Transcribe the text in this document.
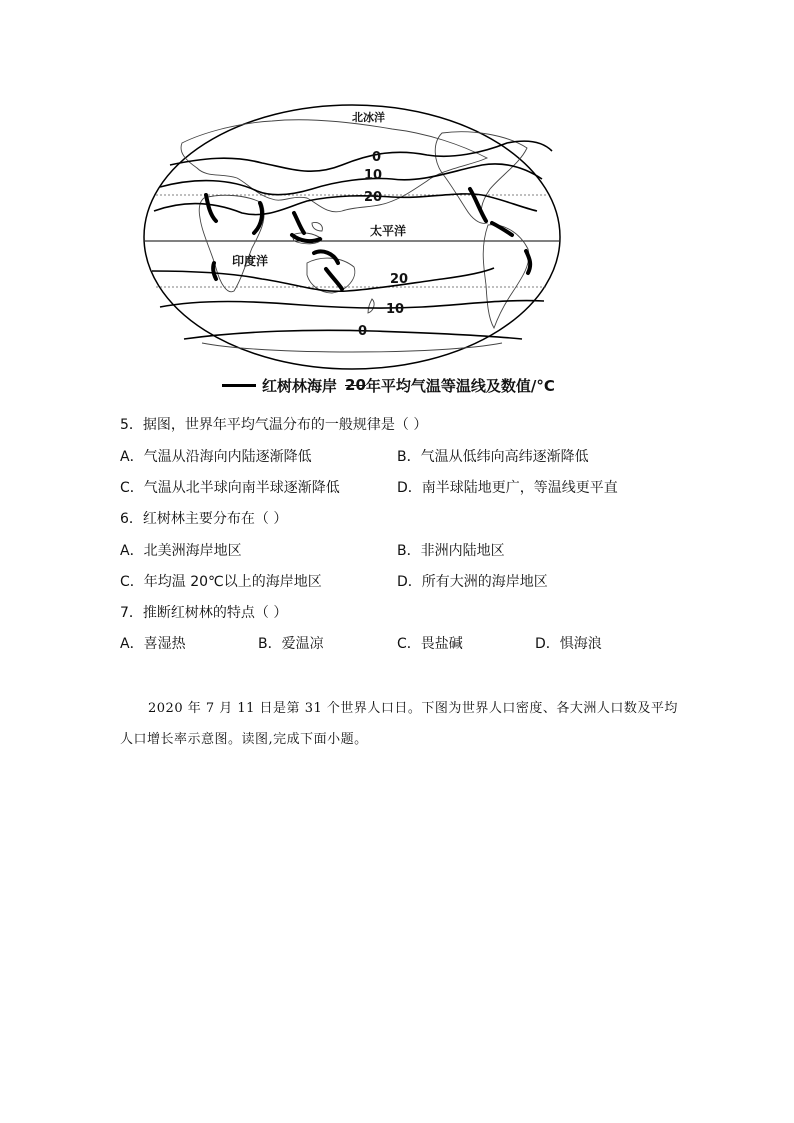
北冰洋
太平洋
印度洋
0
10
20
20
10
0
红树林海岸 20 年平均气温等温线及数值/°C
5．据图，世界年平均气温分布的一般规律是（ ）
A．气温从沿海向内陆逐渐降低	B．气温从低纬向高纬逐渐降低
C．气温从北半球向南半球逐渐降低	D．南半球陆地更广，等温线更平直
6．红树林主要分布在（ ）
A．北美洲海岸地区	B．非洲内陆地区
C．年均温 20℃以上的海岸地区	D．所有大洲的海岸地区
7．推断红树林的特点（ ）
A．喜湿热	B．爱温凉	C．畏盐碱	D．惧海浪
2020 年 7 月 11 日是第 31 个世界人口日。下图为世界人口密度、各大洲人口数及平均
人口增长率示意图。读图,完成下面小题。
